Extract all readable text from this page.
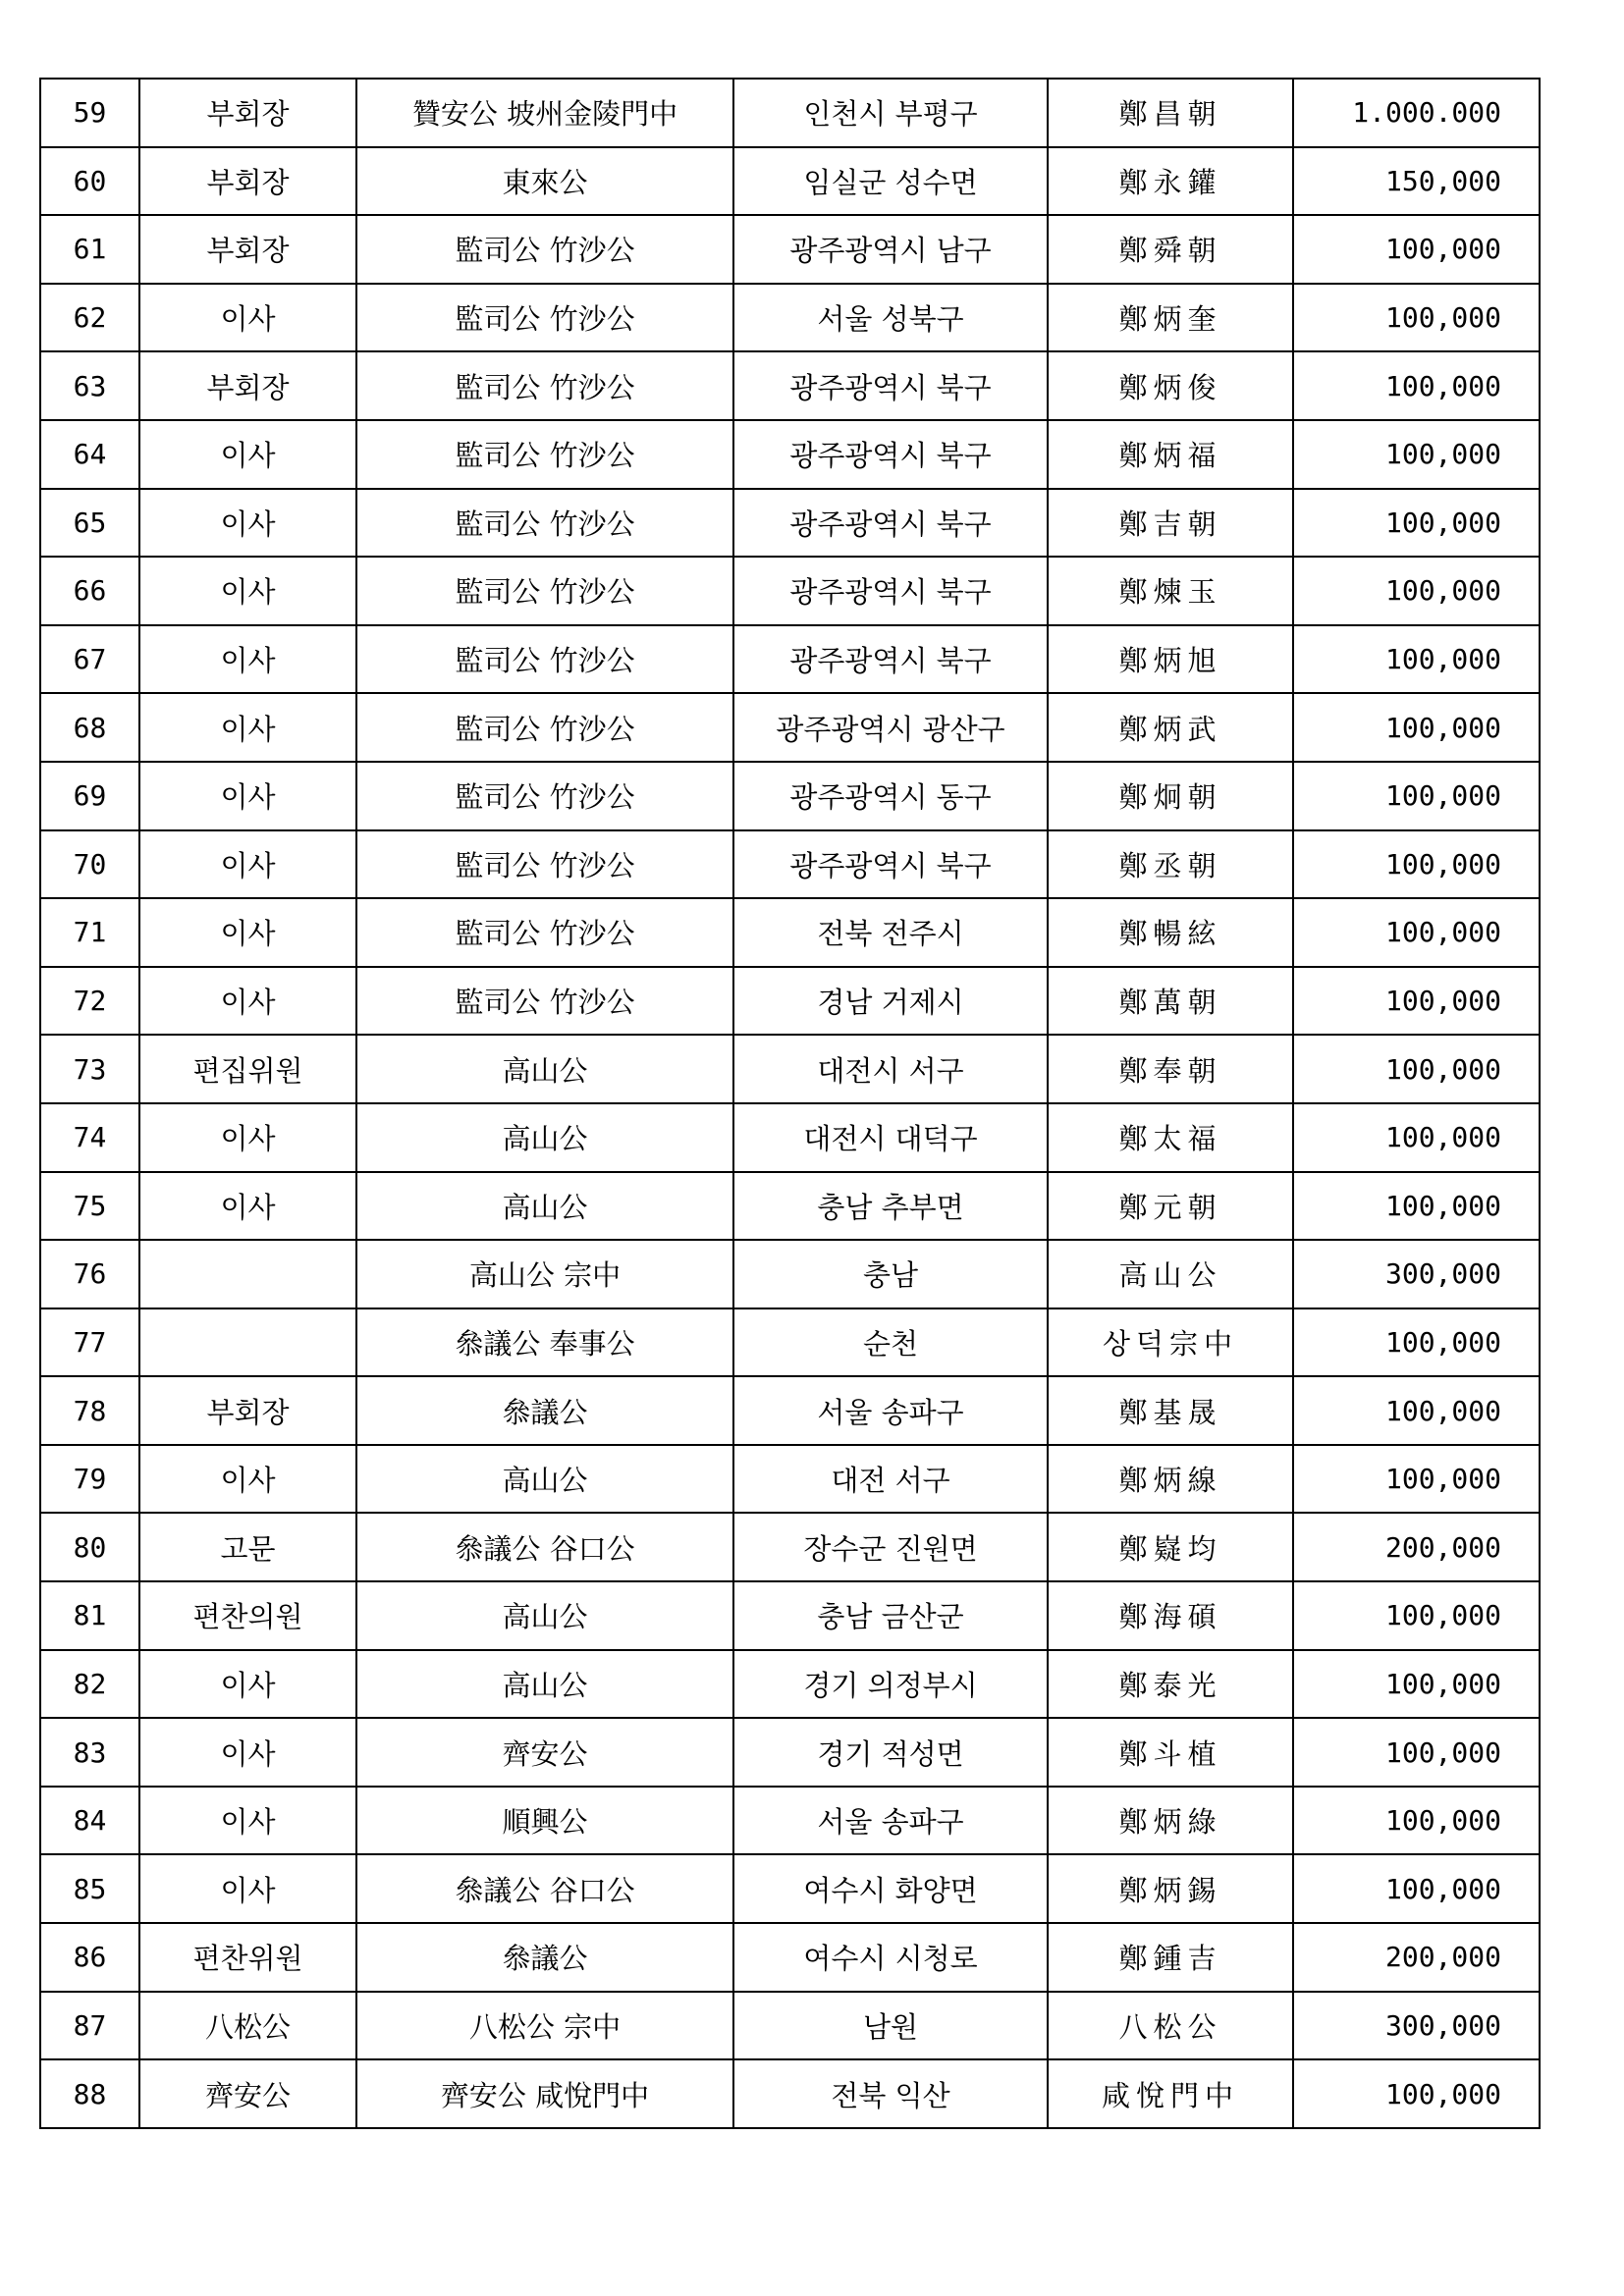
59	부회장	贊安公 坡州金陵門中	인천시 부평구	鄭昌朝	1.000.000
60	부회장	東來公	임실군 성수면	鄭永鑵	150,000
61	부회장	監司公 竹沙公	광주광역시 남구	鄭舜朝	100,000
62	이사	監司公 竹沙公	서울 성북구	鄭炳奎	100,000
63	부회장	監司公 竹沙公	광주광역시 북구	鄭炳俊	100,000
64	이사	監司公 竹沙公	광주광역시 북구	鄭炳福	100,000
65	이사	監司公 竹沙公	광주광역시 북구	鄭吉朝	100,000
66	이사	監司公 竹沙公	광주광역시 북구	鄭煉玉	100,000
67	이사	監司公 竹沙公	광주광역시 북구	鄭炳旭	100,000
68	이사	監司公 竹沙公	광주광역시 광산구	鄭炳武	100,000
69	이사	監司公 竹沙公	광주광역시 동구	鄭炯朝	100,000
70	이사	監司公 竹沙公	광주광역시 북구	鄭丞朝	100,000
71	이사	監司公 竹沙公	전북 전주시	鄭暢絃	100,000
72	이사	監司公 竹沙公	경남 거제시	鄭萬朝	100,000
73	편집위원	高山公	대전시 서구	鄭奉朝	100,000
74	이사	高山公	대전시 대덕구	鄭太福	100,000
75	이사	高山公	충남 추부면	鄭元朝	100,000
76		高山公 宗中	충남	高山公	300,000
77		叅議公 奉事公	순천	상덕宗中	100,000
78	부회장	叅議公	서울 송파구	鄭基晟	100,000
79	이사	高山公	대전 서구	鄭炳線	100,000
80	고문	叅議公 谷口公	장수군 진원면	鄭嶷均	200,000
81	편찬의원	高山公	충남 금산군	鄭海碩	100,000
82	이사	高山公	경기 의정부시	鄭泰光	100,000
83	이사	齊安公	경기 적성면	鄭斗植	100,000
84	이사	順興公	서울 송파구	鄭炳綠	100,000
85	이사	叅議公 谷口公	여수시 화양면	鄭炳錫	100,000
86	편찬위원	叅議公	여수시 시청로	鄭鍾吉	200,000
87	八松公	八松公 宗中	남원	八松公	300,000
88	齊安公	齊安公 咸悅門中	전북 익산	咸悅門中	100,000
